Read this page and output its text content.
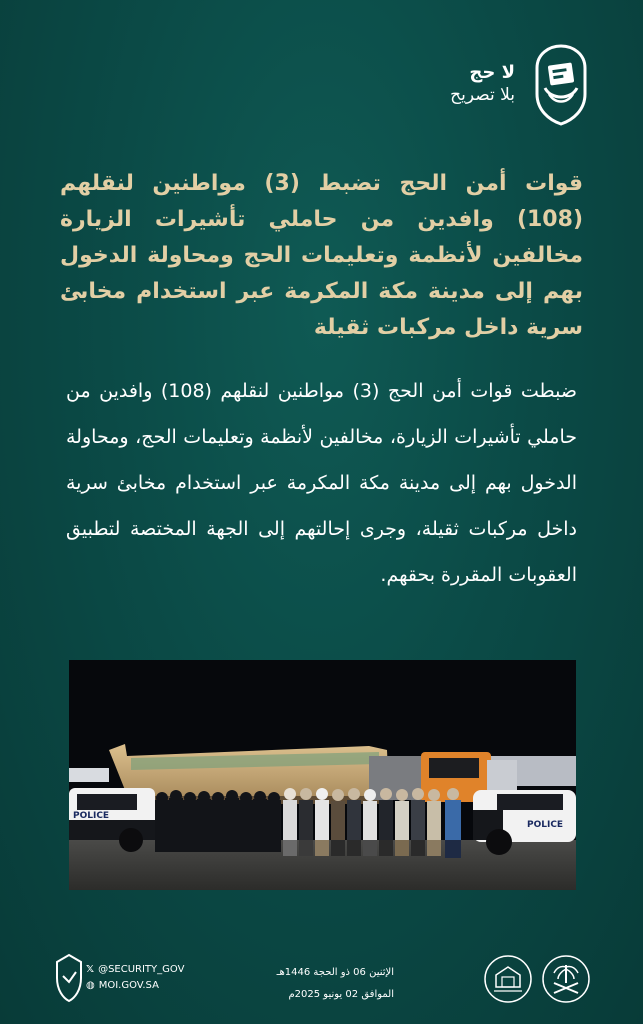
لا حج
بلا تصريح
قوات أمن الحج تضبط (3) مواطنين لنقلهم (108) وافدين من حاملي تأشيرات الزيارة مخالفين لأنظمة وتعليمات الحج ومحاولة الدخول بهم إلى مدينة مكة المكرمة عبر استخدام مخابئ سرية داخل مركبات ثقيلة
ضبطت قوات أمن الحج (3) مواطنين لنقلهم (108) وافدين من حاملي تأشيرات الزيارة، مخالفين لأنظمة وتعليمات الحج، ومحاولة الدخول بهم إلى مدينة مكة المكرمة عبر استخدام مخابئ سرية داخل مركبات ثقيلة، وجرى إحالتهم إلى الجهة المختصة لتطبيق العقوبات المقررة بحقهم.
POLICE
POLICE
𝕏 @SECURITY_GOV
◍ MOI.GOV.SA
الإثنين 06 ذو الحجة 1446هـ
الموافق 02 يونيو 2025م
